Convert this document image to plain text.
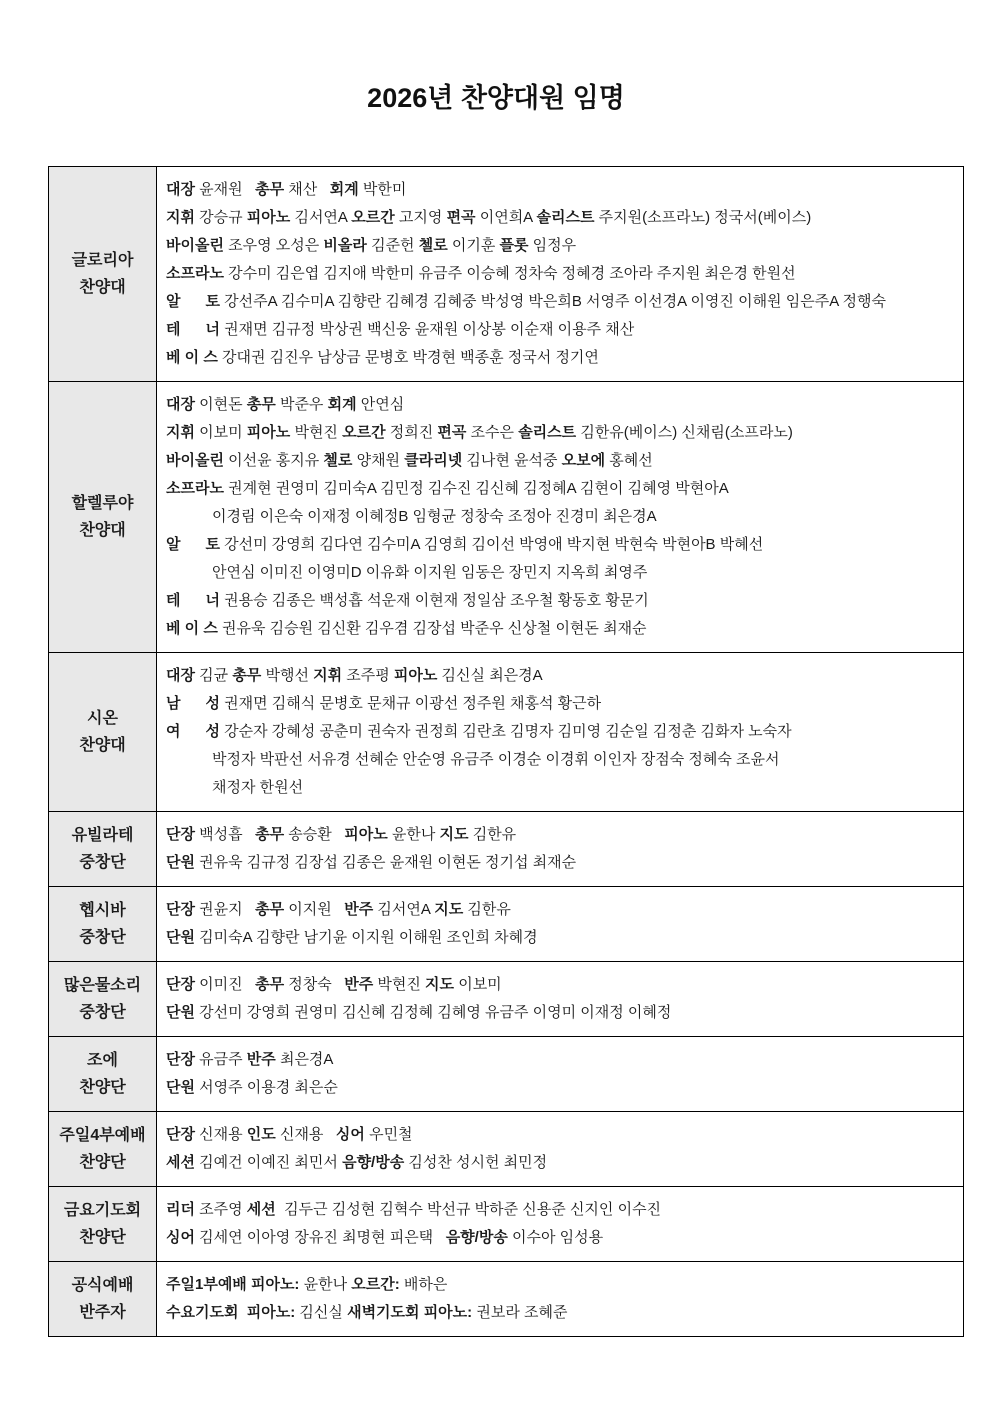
2026년 찬양대원 임명
글로리아
찬양대
대장 윤재원   총무 채산   회계 박한미
지휘 강승규 피아노 김서연A 오르간 고지영 편곡 이연희A 솔리스트 주지원(소프라노) 정국서(베이스)
바이올린 조우영 오성은 비올라 김준헌 첼로 이기훈 플롯 임정우
소프라노 강수미 김은엽 김지애 박한미 유금주 이승혜 정차숙 정혜경 조아라 주지원 최은경 한원선
알      토 강선주A 김수미A 김향란 김혜경 김혜중 박성영 박은희B 서영주 이선경A 이영진 이해원 임은주A 정행숙
테      너 권재면 김규정 박상권 백신웅 윤재원 이상봉 이순재 이용주 채산
베 이 스 강대권 김진우 남상금 문병호 박경현 백종훈 정국서 정기연
할렐루야
찬양대
대장 이현돈 총무 박준우 회계 안연심
지휘 이보미 피아노 박현진 오르간 정희진 편곡 조수은 솔리스트 김한유(베이스) 신채림(소프라노)
바이올린 이선윤 홍지유 첼로 양채원 클라리넷 김나현 윤석중 오보에 홍혜선
소프라노 권계현 권영미 김미숙A 김민정 김수진 김신혜 김정혜A 김현이 김혜영 박현아A
이경림 이은숙 이재정 이혜정B 임형균 정창숙 조정아 진경미 최은경A
알      토 강선미 강영희 김다연 김수미A 김영희 김이선 박영애 박지현 박현숙 박현아B 박혜선
안연심 이미진 이영미D 이유화 이지원 임동은 장민지 지옥희 최영주
테      너 권용승 김종은 백성흡 석운재 이현재 정일삼 조우철 황동호 황문기
베 이 스 권유욱 김승원 김신환 김우겸 김장섭 박준우 신상철 이현돈 최재순
시온
찬양대
대장 김균 총무 박행선 지휘 조주평 피아노 김신실 최은경A
남      성 권재면 김해식 문병호 문채규 이광선 정주원 채홍석 황근하
여      성 강순자 강혜성 공춘미 권숙자 권정희 김란초 김명자 김미영 김순일 김정춘 김화자 노숙자
박정자 박판선 서유경 선혜순 안순영 유금주 이경순 이경휘 이인자 장점숙 정혜숙 조윤서
채정자 한원선
유빌라테
중창단
단장 백성흡   총무 송승환   피아노 윤한나 지도 김한유
단원 권유욱 김규정 김장섭 김종은 윤재원 이현돈 정기섭 최재순
헵시바
중창단
단장 권윤지   총무 이지원   반주 김서연A 지도 김한유
단원 김미숙A 김향란 남기윤 이지원 이해원 조인희 차혜경
많은물소리
중창단
단장 이미진   총무 정창숙   반주 박현진 지도 이보미
단원 강선미 강영희 권영미 김신혜 김정혜 김혜영 유금주 이영미 이재정 이혜정
조에
찬양단
단장 유금주 반주 최은경A
단원 서영주 이용경 최은순
주일4부예배
찬양단
단장 신재용 인도 신재용   싱어 우민철
세션 김예건 이예진 최민서 음향/방송 김성찬 성시헌 최민정
금요기도회
찬양단
리더 조주영 세션  김두근 김성현 김혁수 박선규 박하준 신용준 신지인 이수진
싱어 김세연 이아영 장유진 최명현 피은택   음향/방송 이수아 임성용
공식예배
반주자
주일1부예배 피아노: 윤한나 오르간: 배하은
수요기도회  피아노: 김신실 새벽기도회 피아노: 권보라 조혜준
